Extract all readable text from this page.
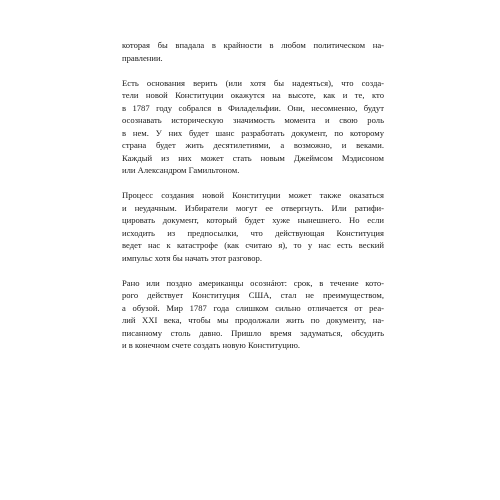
которая бы впадала в крайности в любом политическом на-
правлении.

Есть основания верить (или хотя бы надеяться), что созда-
тели новой Конституции окажутся на высоте, как и те, кто
в 1787 году собрался в Филадельфии. Они, несомненно, будут
осознавать историческую значимость момента и свою роль
в нем. У них будет шанс разработать документ, по которому
страна будет жить десятилетиями, а возможно, и веками.
Каждый из них может стать новым Джеймсом Мэдисоном
или Александром Гамильтоном.

Процесс создания новой Конституции может также оказаться
и неудачным. Избиратели могут ее отвергнуть. Или ратифи-
цировать документ, который будет хуже нынешнего. Но если
исходить из предпосылки, что действующая Конституция
ведет нас к катастрофе (как считаю я), то у нас есть веский
импульс хотя бы начать этот разговор.

Рано или поздно американцы осознáют: срок, в течение кото-
рого действует Конституция США, стал не преимуществом,
а обузой. Мир 1787 года слишком сильно отличается от реа-
лий XXI века, чтобы мы продолжали жить по документу, на-
писанному столь давно. Пришло время задуматься, обсудить
и в конечном счете создать новую Конституцию.
